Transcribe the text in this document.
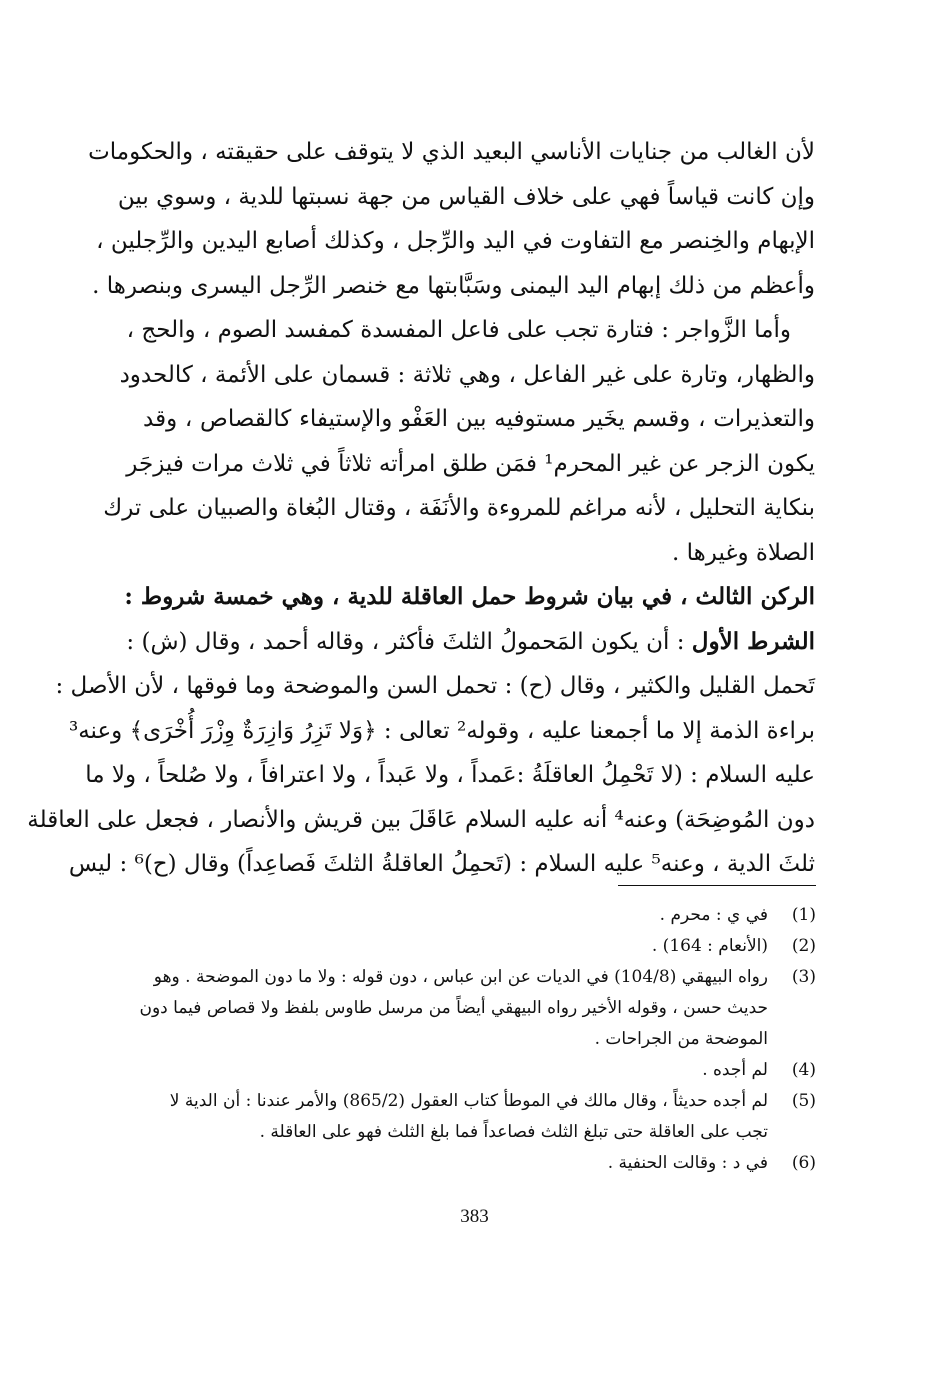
لأن الغالب من جنايات الأناسي البعيد الذي لا يتوقف على حقيقته ، والحكومات
وإن كانت قياساً فهي على خلاف القياس من جهة نسبتها للدية ، وسوي بين
الإبهام والخِنصر مع التفاوت في اليد والرِّجل ، وكذلك أصابع اليدين والرِّجلين ،
وأعظم من ذلك إبهام اليد اليمنى وسَبَّابتها مع خنصر الرِّجل اليسرى وبنصرها .
وأما الزَّواجر : فتارة تجب على فاعل المفسدة كمفسد الصوم ، والحج ،
والظهار، وتارة على غير الفاعل ، وهي ثلاثة : قسمان على الأئمة ، كالحدود
والتعذيرات ، وقسم يخَير مستوفيه بين العَفْو والإستيفاء كالقصاص ، وقد
يكون الزجر عن غير المحرم¹ فمَن طلق امرأته ثلاثاً في ثلاث مرات فيزجَر
بنكاية التحليل ، لأنه مراغم للمروءة والأنَفَة ، وقتال البُغاة والصبيان على ترك
الصلاة وغيرها .
الركن الثالث ، في بيان شروط حمل العاقلة للدية ، وهي خمسة شروط :
الشرط الأول : أن يكون المَحمولُ الثلثَ فأكثر ، وقاله أحمد ، وقال (ش) :
تَحمل القليل والكثير ، وقال (ح) : تحمل السن والموضحة وما فوقها ، لأن الأصل :
براءة الذمة إلا ما أجمعنا عليه ، وقوله² تعالى : ﴿وَلا تَزِرُ وَازِرَةٌ وِزْرَ أُخْرَى﴾ وعنه³
عليه السلام : (لا تَحْمِلُ العاقلَةُ :عَمداً ، ولا عَبداً ، ولا اعترافاً ، ولا صُلحاً ، ولا ما
دون المُوضِحَة) وعنه⁴ أنه عليه السلام عَاقَلَ بين قريش والأنصار ، فجعل على العاقلة
ثلثَ الدية ، وعنه⁵ عليه السلام : (تَحمِلُ العاقلةُ الثلثَ فَصاعِداً) وقال (ح)⁶ : ليس
(1)
في ي : محرم .
(2)
(الأنعام : 164) .
(3)
رواه البيهقي (104/8) في الديات عن ابن عباس ، دون قوله : ولا ما دون الموضحة . وهو
حديث حسن ، وقوله الأخير رواه البيهقي أيضاً من مرسل طاوس بلفظ ولا قصاص فيما دون
الموضحة من الجراحات .
(4)
لم أجده .
(5)
لم أجده حديثاً ، وقال مالك في الموطأ كتاب العقول (865/2) والأمر عندنا : أن الدية لا
تجب على العاقلة حتى تبلغ الثلث فصاعداً فما بلغ الثلث فهو على العاقلة .
(6)
في د : وقالت الحنفية .
383
